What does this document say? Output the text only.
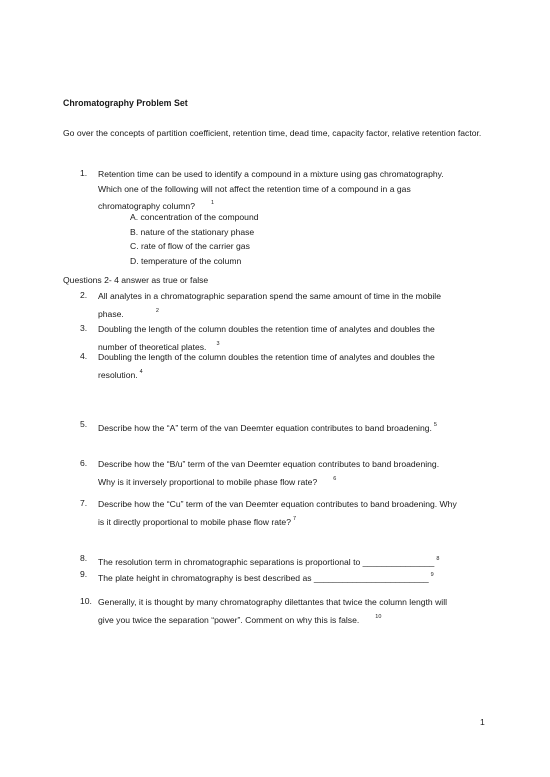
Chromatography Problem Set
Go over the concepts of partition coefficient, retention time, dead time, capacity factor, relative retention factor.
1.	Retention time can be used to identify a compound in a mixture using gas chromatography.
Which one of the following will not affect the retention time of a compound in a gas
chromatography column?	$^1$
A. concentration of the compound
B. nature of the stationary phase
C. rate of flow of the carrier gas
D. temperature of the column
Questions 2- 4 answer as true or false
2.	All analytes in a chromatographic separation spend the same amount of time in the mobile
phase.	$^2$
3.	Doubling the length of the column doubles the retention time of analytes and doubles the
number of theoretical plates. $^3$
4.	Doubling the length of the column doubles the retention time of analytes and doubles the
resolution. $^4$
5.	Describe how the “A” term of the van Deemter equation contributes to band broadening. $^5$
6.	Describe how the “B/u” term of the van Deemter equation contributes to band broadening.
Why is it inversely proportional to mobile phase flow rate?	$^6$
7.	Describe how the “Cu” term of the van Deemter equation contributes to band broadening. Why
is it directly proportional to mobile phase flow rate? $^7$
8.	The resolution term in chromatographic separations is proportional to _______________ $^8$
9.	The plate height in chromatography is best described as ________________________ $^9$
10. Generally, it is thought by many chromatography dilettantes that twice the column length will
give you twice the separation “power”. Comment on why this is false.	$^{10}$
1
